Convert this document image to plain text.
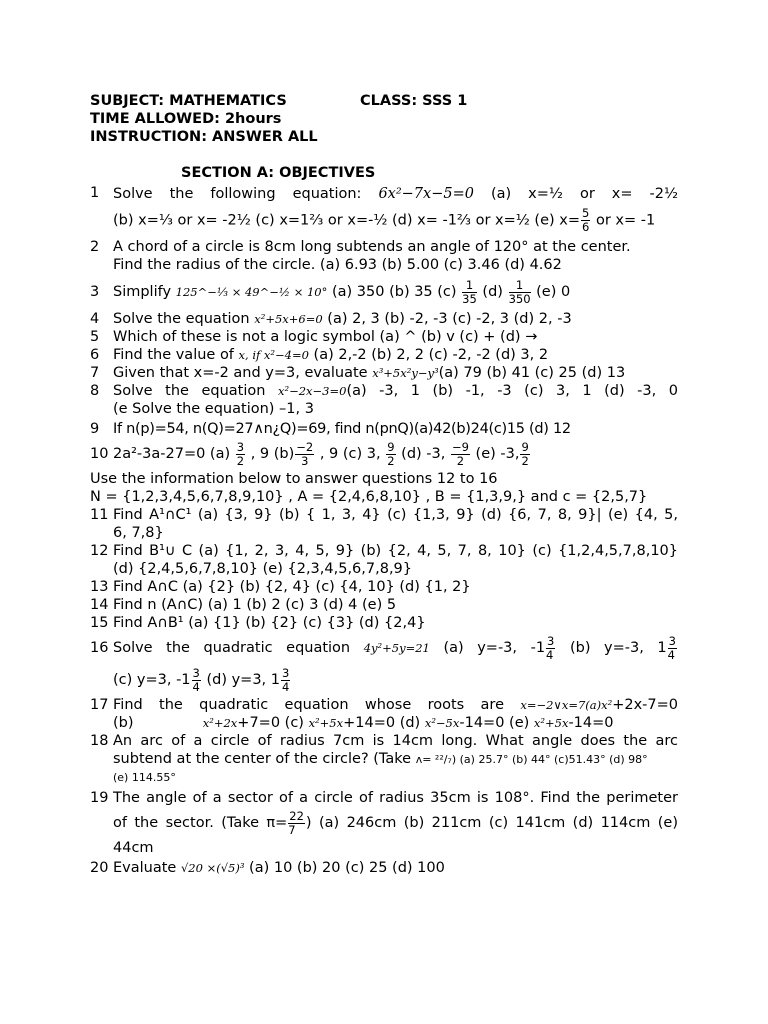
SUBJECT: MATHEMATICS	CLASS: SSS 1
TIME ALLOWED: 2hours
INSTRUCTION: ANSWER ALL
SECTION A: OBJECTIVES
1 Solve the following equation: 6x²−7x−5=0 (a) x=½ or x= -2½
(b) x=⅓ or x= -2½ (c) x=1⅔ or x=-½ (d) x= -1⅔ or x=½ (e) $x= \frac{5}{6}$ or x= -1
2 A chord of a circle is 8cm long subtends an angle of 120° at the center.
Find the radius of the circle. (a) 6.93 (b) 5.00 (c) 3.46 (d) 4.62
3 Simplify 125^−⅓ × 49^−½ × 10° (a) 350 (b) 35 $(c) \frac{1}{35} (d) \frac{1}{350} (e)$ 0
4 Solve the equation x²+5x+6=0 (a) 2, 3 (b) -2, -3 (c) -2, 3 (d) 2, -3
5 Which of these is not a logic symbol (a) ^ (b) v (c) + (d) →
6 Find the value of x, if x²−4=0 (a) 2,-2 (b) 2, 2 (c) -2, -2 (d) 3, 2
7 Given that x=-2 and y=3, evaluate x³+5x²y−y³(a) 79 (b) 41 (c) 25 (d) 13
8 Solve the equation x²−2x−3=0(a) -3, 1 (b) -1, -3 (c) 3, 1 (d) -3, 0
(e Solve the equation) –1, 3
9 If n(p)=54, n(Q)=27∧n¿Q)=69, find n(pnQ)(a)42(b)24(c)15 (d) 12
10 2a²-3a-27=0 $(a) \frac{3}{2}$ , 9 $(b) \frac{-2}{3}$ , 9 (c) 3, $\frac{9}{2} (d)$ -3, $\frac{-9}{2} (e)$ -3, $\frac{9}{2}$
Use the information below to answer questions 12 to 16
N = {1,2,3,4,5,6,7,8,9,10} , A = {2,4,6,8,10} , B = {1,3,9,} and c = {2,5,7}
11 Find A¹∩C¹ (a) {3, 9} (b) { 1, 3, 4} (c) {1,3, 9} (d) {6, 7, 8, 9}| (e) {4, 5,
6, 7,8}
12 Find B¹∪ C (a) {1, 2, 3, 4, 5, 9} (b) {2, 4, 5, 7, 8, 10} (c) {1,2,4,5,7,8,10}
(d) {2,4,5,6,7,8,10} (e) {2,3,4,5,6,7,8,9}
13 Find A∩C (a) {2} (b) {2, 4} (c) {4, 10} (d) {1, 2}
14 Find n (A∩C) (a) 1 (b) 2 (c) 3 (d) 4 (e) 5
15 Find A∩B¹ (a) {1} (b) {2} (c) {3} (d) {2,4}
16 Solve the quadratic equation 4y²+5y=21 (a) y=-3, $-1 \frac{3}{4} (b)$ y=-3, $1 \frac{3}{4}$
(c) y=3, $-1 \frac{3}{4} (d)$ y=3, $1 \frac{3}{4}$
17 Find the quadratic equation whose roots are x=−2∨x=7(a)x²+2x-7=0
(b)	x²+2x+7=0 (c) x²+5x+14=0 (d) x²−5x-14=0 (e) x²+5x-14=0
18 An arc of a circle of radius 7cm is 14cm long. What angle does the arc
subtend at the center of the circle? (Take ʌ= ²²/₇) (a) 25.7° (b) 44° (c)51.43° (d) 98°
(e) 114.55°
19 The angle of a sector of a circle of radius 35cm is 108°. Find the perimeter
of the sector. (Take $\pi= \frac{22}{7}$ ) (a) 246cm (b) 211cm (c) 141cm (d) 114cm (e)
44cm
20 Evaluate √20 ×(√5)³ (a) 10 (b) 20 (c) 25 (d) 100
